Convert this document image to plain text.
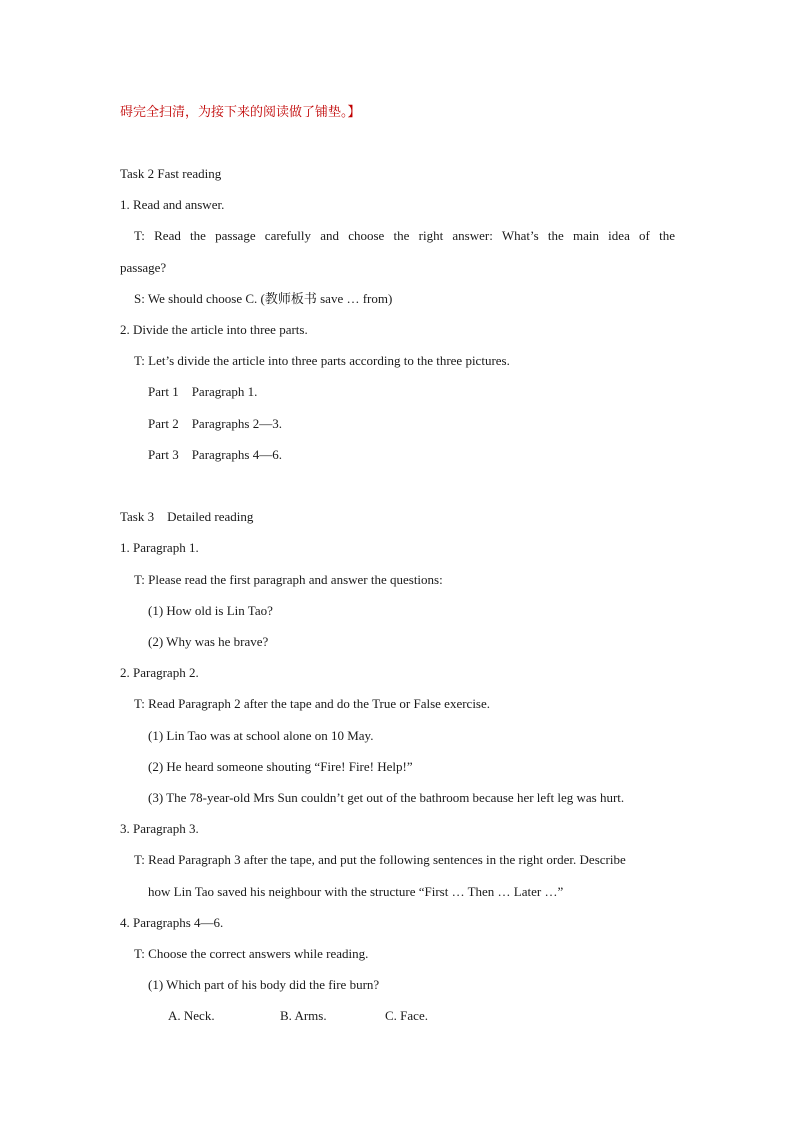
碍完全扫清，为接下来的阅读做了铺垫。】

Task 2 Fast reading

1. Read and answer.

T: Read the passage carefully and choose the right answer: What’s the main idea of the

passage?

S: We should choose C. (教师板书 save … from)

2. Divide the article into three parts.

T: Let’s divide the article into three parts according to the three pictures.

Part 1    Paragraph 1.

Part 2    Paragraphs 2—3.

Part 3    Paragraphs 4—6.

Task 3    Detailed reading

1. Paragraph 1.

T: Please read the first paragraph and answer the questions:

(1) How old is Lin Tao?

(2) Why was he brave?

2. Paragraph 2.

T: Read Paragraph 2 after the tape and do the True or False exercise.

(1) Lin Tao was at school alone on 10 May.

(2) He heard someone shouting “Fire! Fire! Help!”

(3) The 78-year-old Mrs Sun couldn’t get out of the bathroom because her left leg was hurt.

3. Paragraph 3.

T: Read Paragraph 3 after the tape, and put the following sentences in the right order. Describe

how Lin Tao saved his neighbour with the structure “First … Then … Later …”

4. Paragraphs 4—6.

T: Choose the correct answers while reading.

(1) Which part of his body did the fire burn?

A. Neck.	B. Arms.	C. Face.
